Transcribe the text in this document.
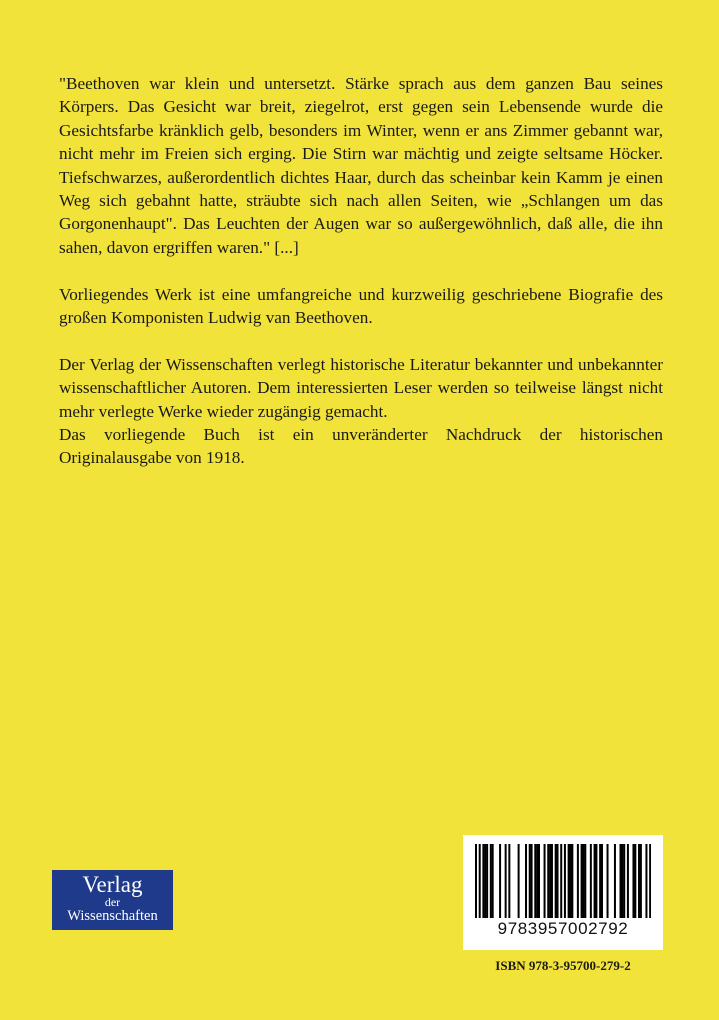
"Beethoven war klein und untersetzt. Stärke sprach aus dem ganzen Bau seines Körpers. Das Gesicht war breit, ziegelrot, erst gegen sein Lebensende wurde die Gesichtsfarbe kränklich gelb, besonders im Winter, wenn er ans Zimmer gebannt war, nicht mehr im Freien sich erging. Die Stirn war mächtig und zeigte seltsame Höcker. Tiefschwarzes, außerordentlich dichtes Haar, durch das scheinbar kein Kamm je einen Weg sich gebahnt hatte, sträubte sich nach allen Seiten, wie „Schlangen um das Gorgonenhaupt". Das Leuchten der Augen war so außergewöhnlich, daß alle, die ihn sahen, davon ergriffen waren." [...]

Vorliegendes Werk ist eine umfangreiche und kurzweilig geschriebene Biografie des großen Komponisten Ludwig van Beethoven.

Der Verlag der Wissenschaften verlegt historische Literatur bekannter und unbekannter wissenschaftlicher Autoren. Dem interessierten Leser werden so teilweise längst nicht mehr verlegte Werke wieder zugängig gemacht.

Das vorliegende Buch ist ein unveränderter Nachdruck der historischen Originalausgabe von 1918.

Verlag
der
Wissenschaften
9783957002792
ISBN 978-3-95700-279-2
